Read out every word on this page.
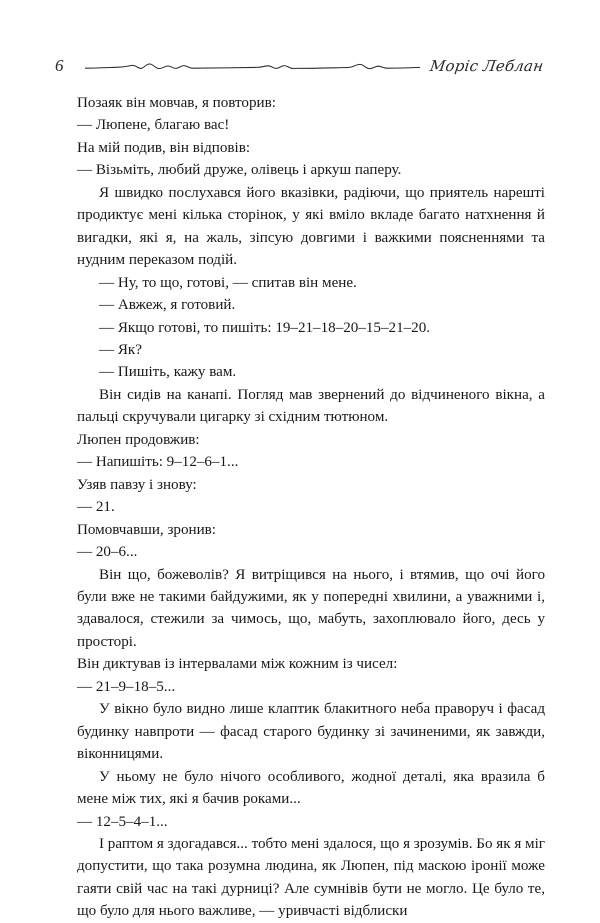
6	Моріс Леблан

Позаяк він мовчав, я повторив:

— Люпене, благаю вас!

На мій подив, він відповів:

— Візьміть, любий друже, олівець і аркуш паперу.

Я швидко послухався його вказівки, радіючи, що приятель нарешті продиктує мені кілька сторінок, у які вміло вкладе багато натхнення й вигадки, які я, на жаль, зіпсую довгими і важкими поясненнями та нудним переказом подій.

— Ну, то що, готові, — спитав він мене.

— Авжеж, я готовий.

— Якщо готові, то пишіть: 19–21–18–20–15–21–20.

— Як?

— Пишіть, кажу вам.

Він сидів на канапі. Погляд мав звернений до відчиненого вікна, а пальці скручували цигарку зі східним тютюном.

Люпен продовжив:

— Напишіть: 9–12–6–1...

Узяв павзу і знову:

— 21.

Помовчавши, зронив:

— 20–6...

Він що, божеволів? Я витріщився на нього, і втямив, що очі його були вже не такими байдужими, як у попередні хвилини, а уважними і, здавалося, стежили за чимось, що, мабуть, захоплювало його, десь у просторі.

Він диктував із інтервалами між кожним із чисел:

— 21–9–18–5...

У вікно було видно лише клаптик блакитного неба праворуч і фасад будинку навпроти — фасад старого будинку зі зачиненими, як завжди, віконницями.

У ньому не було нічого особливого, жодної деталі, яка вразила б мене між тих, які я бачив роками...

— 12–5–4–1...

І раптом я здогадався... тобто мені здалося, що я зрозумів. Бо як я міг допустити, що така розумна людина, як Люпен, під маскою іронії може гаяти свій час на такі дурниці? Але сумнівів бути не могло. Це було те, що було для нього важливе, — уривчасті відблиски
